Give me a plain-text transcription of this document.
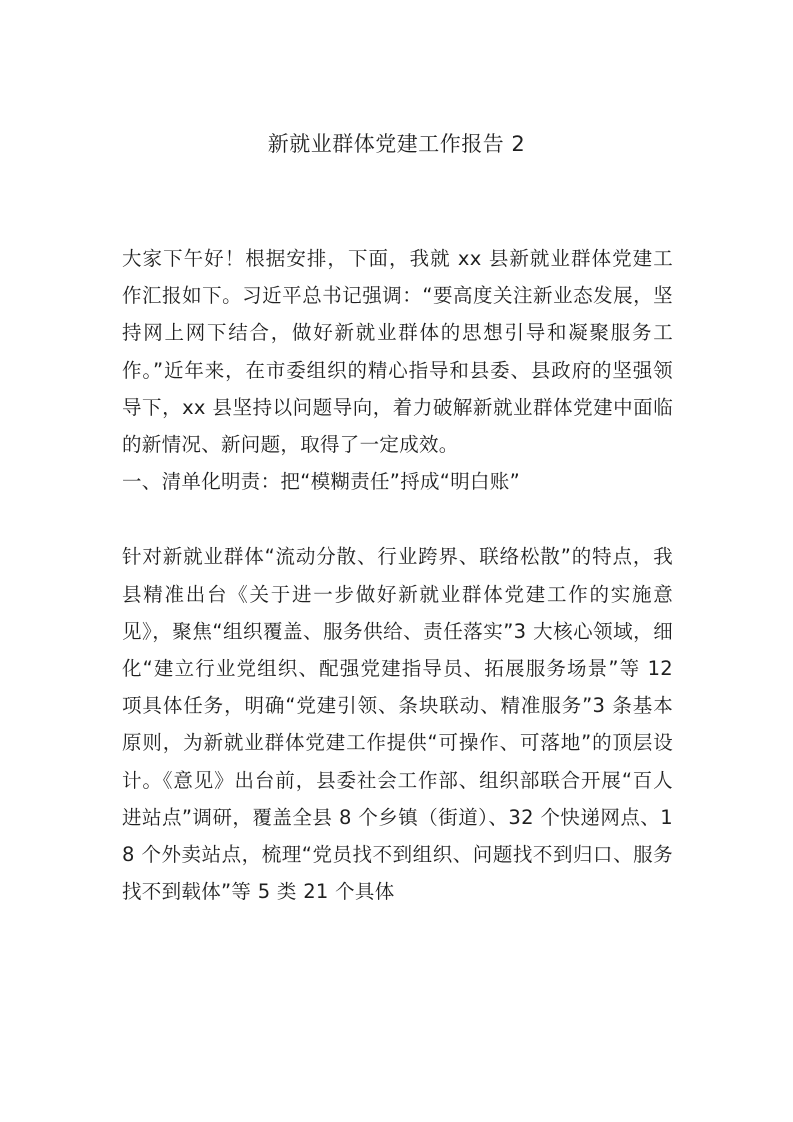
新就业群体党建工作报告 2

大家下午好！根据安排，下面，我就 xx 县新就业群体党建工作汇报如下。习近平总书记强调：“要高度关注新业态发展，坚持网上网下结合，做好新就业群体的思想引导和凝聚服务工作。”近年来，在市委组织的精心指导和县委、县政府的坚强领导下，xx 县坚持以问题导向，着力破解新就业群体党建中面临的新情况、新问题，取得了一定成效。

一、清单化明责：把“模糊责任”捋成“明白账”

针对新就业群体“流动分散、行业跨界、联络松散”的特点，我县精准出台《关于进一步做好新就业群体党建工作的实施意见》，聚焦“组织覆盖、服务供给、责任落实”3 大核心领域，细化“建立行业党组织、配强党建指导员、拓展服务场景”等 12 项具体任务，明确“党建引领、条块联动、精准服务”3 条基本原则，为新就业群体党建工作提供“可操作、可落地”的顶层设计。《意见》出台前，县委社会工作部、组织部联合开展“百人进站点”调研，覆盖全县 8 个乡镇（街道）、32 个快递网点、18 个外卖站点，梳理“党员找不到组织、问题找不到归口、服务找不到载体”等 5 类 21 个具体
